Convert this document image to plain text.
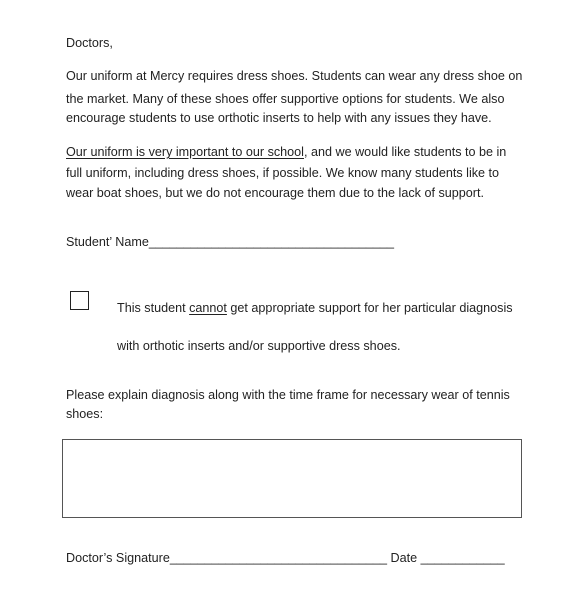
Doctors,
Our uniform at Mercy requires dress shoes. Students can wear any dress shoe on
the market. Many of these shoes offer supportive options for students. We also
encourage students to use orthotic inserts to help with any issues they have.
Our uniform is very important to our school, and we would like students to be in
full uniform, including dress shoes, if possible. We know many students like to
wear boat shoes, but we do not encourage them due to the lack of support.
Student’ Name___________________________________
This student cannot get appropriate support for her particular diagnosis
with orthotic inserts and/or supportive dress shoes.
Please explain diagnosis along with the time frame for necessary wear of tennis
shoes:
Doctor’s Signature_______________________________ Date ____________
